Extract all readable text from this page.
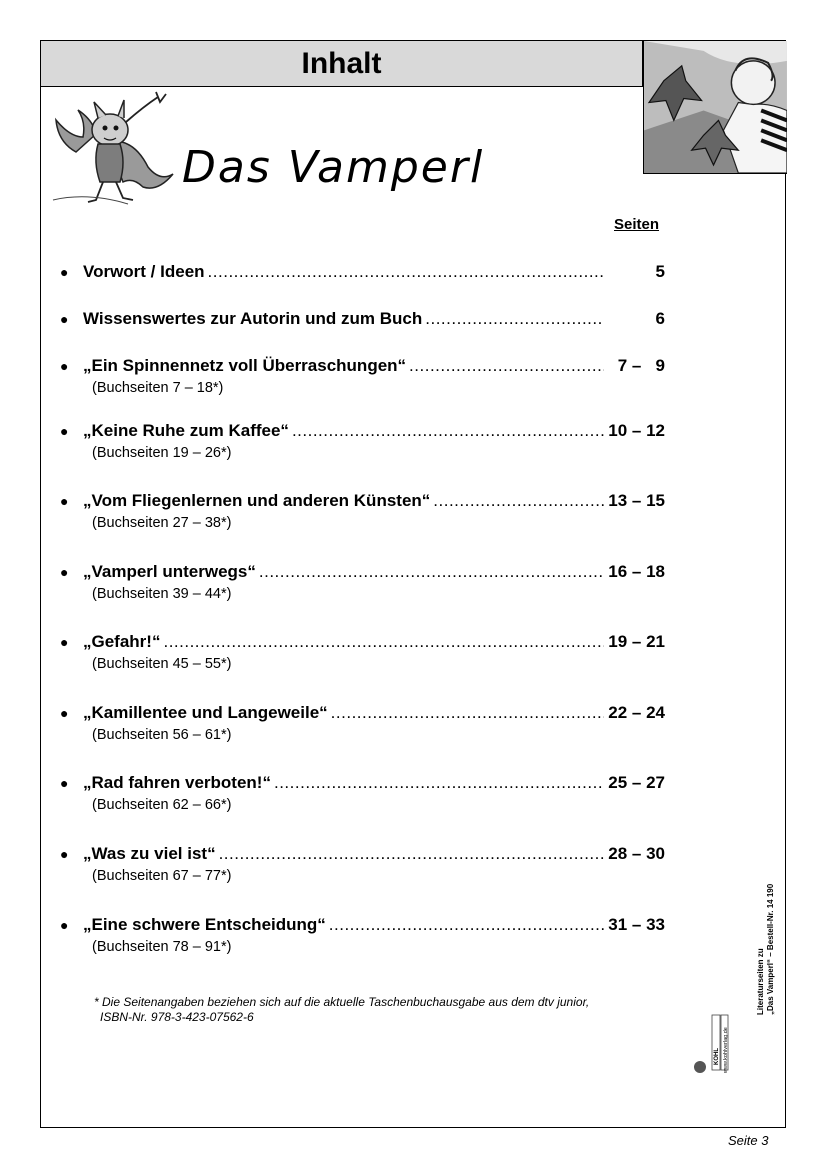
Inhalt
Das Vamperl
Seiten
● Vorwort / Ideen .....	5
● Wissenswertes zur Autorin und zum Buch .....	6
● „Ein Spinnennetz voll Überraschungen“ .....	7 –   9
(Buchseiten 7 – 18*)
● „Keine Ruhe zum Kaffee“ .....	10 – 12
(Buchseiten 19 – 26*)
● „Vom Fliegenlernen und anderen Künsten“ .....	13 – 15
(Buchseiten 27 – 38*)
● „Vamperl unterwegs“ .....	16 – 18
(Buchseiten 39 – 44*)
● „Gefahr!“ .....	19 – 21
(Buchseiten 45 – 55*)
● „Kamillentee und Langeweile“ .....	22 – 24
(Buchseiten 56 – 61*)
● „Rad fahren verboten!“ .....	25 – 27
(Buchseiten 62 – 66*)
● „Was zu viel ist“ .....	28 – 30
(Buchseiten 67 – 77*)
● „Eine schwere Entscheidung“ .....	31 – 33
(Buchseiten 78 – 91*)
* Die Seitenangaben beziehen sich auf die aktuelle Taschenbuchausgabe aus dem dtv junior,
ISBN-Nr. 978-3-423-07562-6
Literaturseiten zu „Das Vamperl“ – Bestell-Nr. 14 190
KOHL www.kohlverlag.de
Seite 3
